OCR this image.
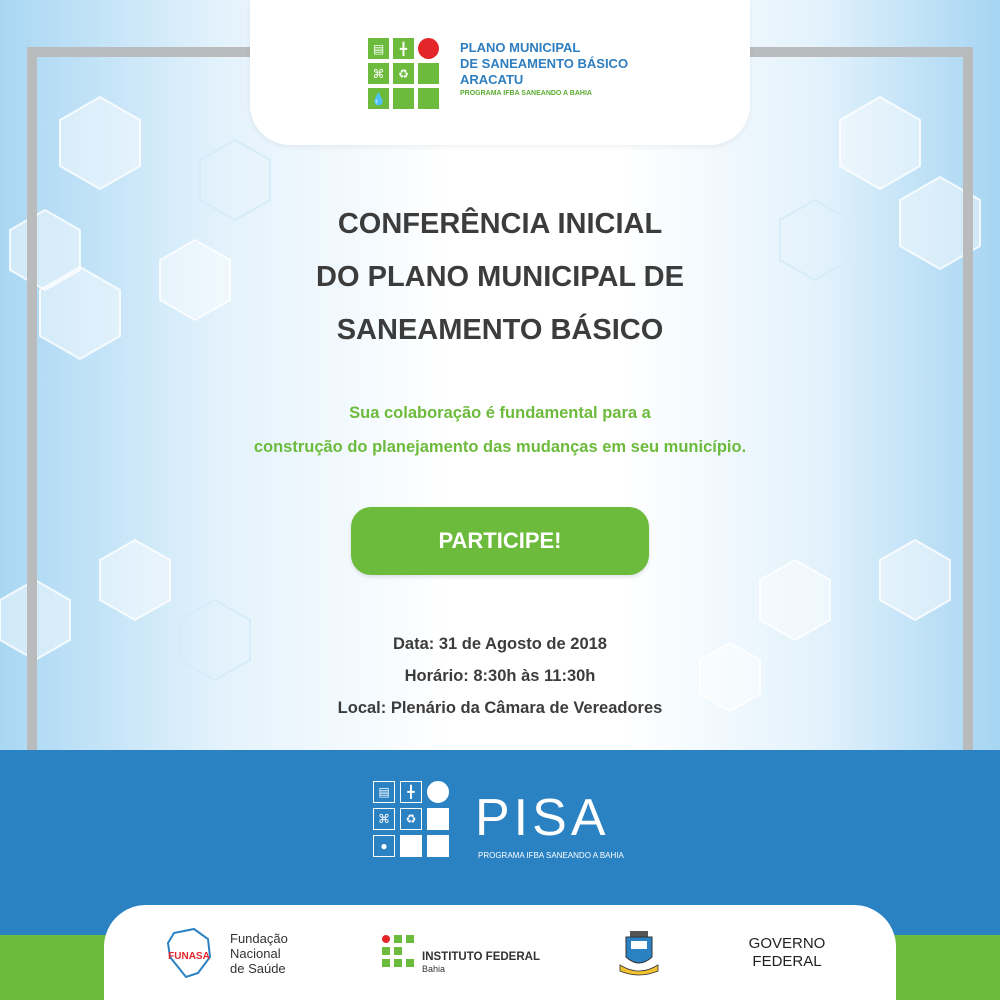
▤	╋
⌘	♻
💧
PLANO MUNICIPAL
DE SANEAMENTO BÁSICO
ARACATU
PROGRAMA IFBA SANEANDO A BAHIA
CONFERÊNCIA INICIAL
DO PLANO MUNICIPAL DE
SANEAMENTO BÁSICO
Sua colaboração é fundamental para a
construção do planejamento das mudanças em seu município.
PARTICIPE!
Data: 31 de Agosto de 2018
Horário: 8:30h às 11:30h
Local: Plenário da Câmara de Vereadores
▤	╋
⌘	♻
● PISA
PROGRAMA IFBA SANEANDO A BAHIA
FUNASA
Fundação
Nacional
de Saúde
INSTITUTO FEDERAL
Bahia
GOVERNO
FEDERAL
